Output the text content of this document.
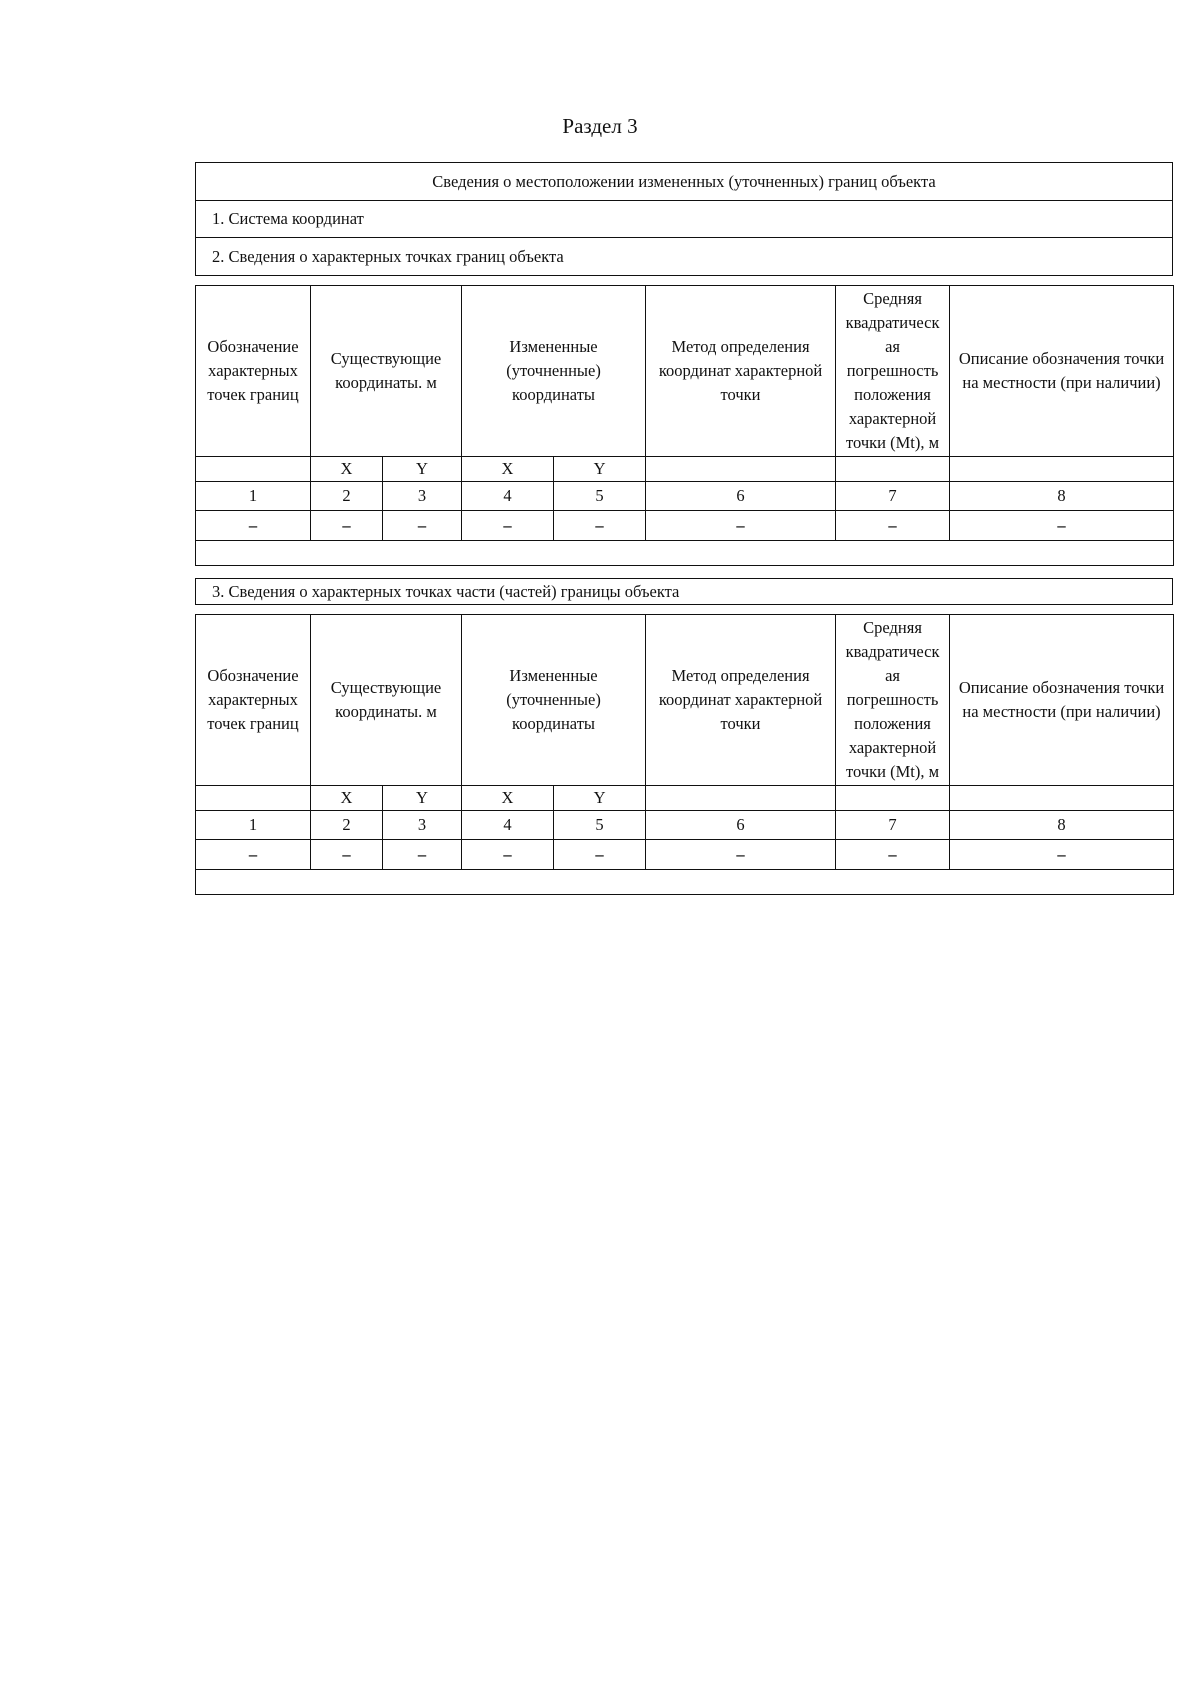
Раздел 3
Сведения о местоположении измененных (уточненных) границ объекта
1. Система координат
2. Сведения о характерных точках границ объекта
Обозначение характерных точек границ	Существующие координаты. м		Измененные (уточненные) координаты		Метод определения координат характерной точки	Средняя квадратическ ая погрешность положения характерной точки (Mt), м	Описание обозначения точки на местности (при наличии)
	X	Y	X	Y			
1	2	3	4	5	6	7	8
–	–	–	–	–	–	–	–

3. Сведения о характерных точках части (частей) границы объекта
Обозначение характерных точек границ	Существующие координаты. м		Измененные (уточненные) координаты		Метод определения координат характерной точки	Средняя квадратическ ая погрешность положения характерной точки (Mt), м	Описание обозначения точки на местности (при наличии)
	X	Y	X	Y			
1	2	3	4	5	6	7	8
–	–	–	–	–	–	–	–
